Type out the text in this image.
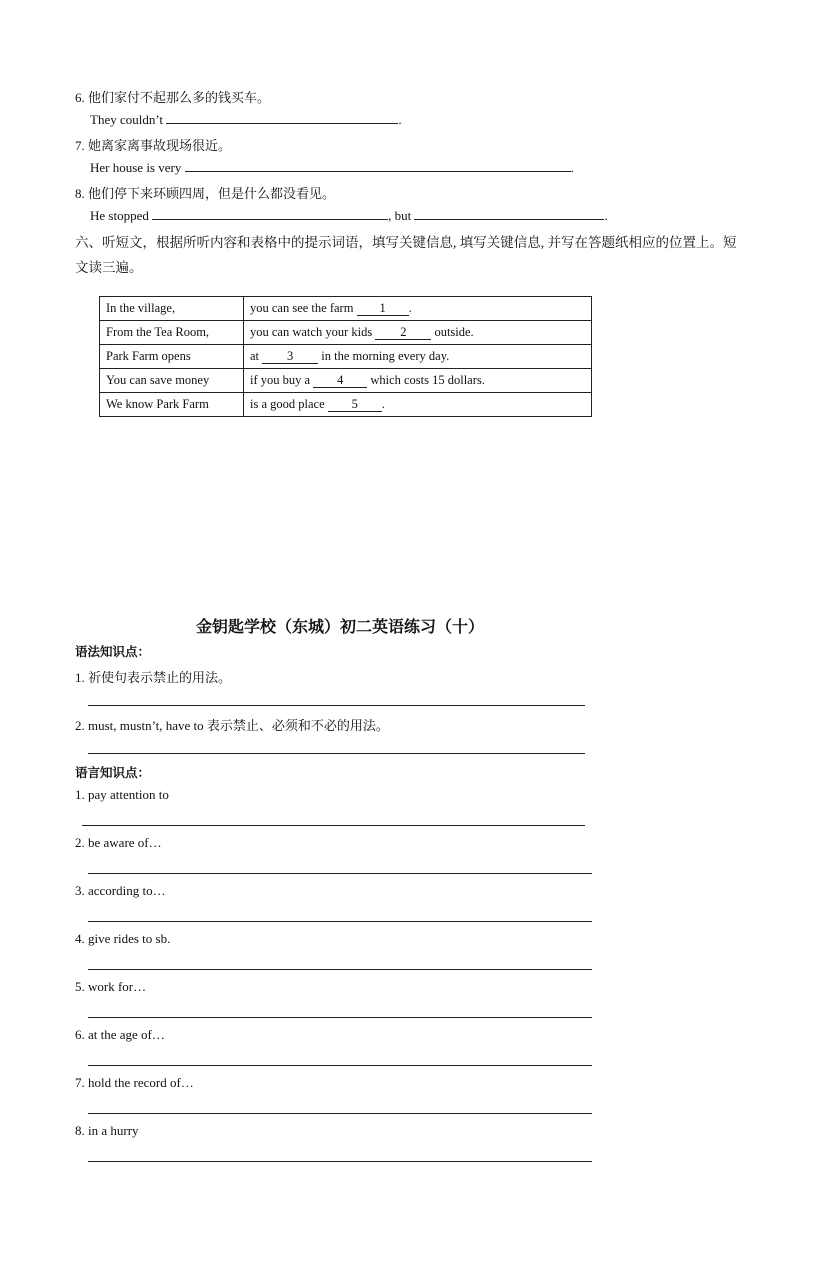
6. 他们家付不起那么多的钱买车。
They couldn’t	.
7. 她离家离事故现场很近。
Her house is very	.
8. 他们停下来环顾四周，但是什么都没看见。
He stopped	, but	.
六、听短文，根据所听内容和表格中的提示词语，填写关键信息, 填写关键信息, 并写在答题纸相应的位置上。短
文读三遍。
In the village,	you can see the farm 1 .
From the Tea Room,	you can watch your kids 2 outside.
Park Farm opens	at 3 in the morning every day.
You can save money	if you buy a 4 which costs 15 dollars.
We know Park Farm	is a good place 5 .
金钥匙学校（东城）初二英语练习（十）
语法知识点：
1. 祈使句表示禁止的用法。
2. must, mustn’t, have to 表示禁止、必须和不必的用法。
语言知识点：
1. pay attention to
2. be aware of…
3. according to…
4. give rides to sb.
5. work for…
6. at the age of…
7. hold the record of…
8. in a hurry
